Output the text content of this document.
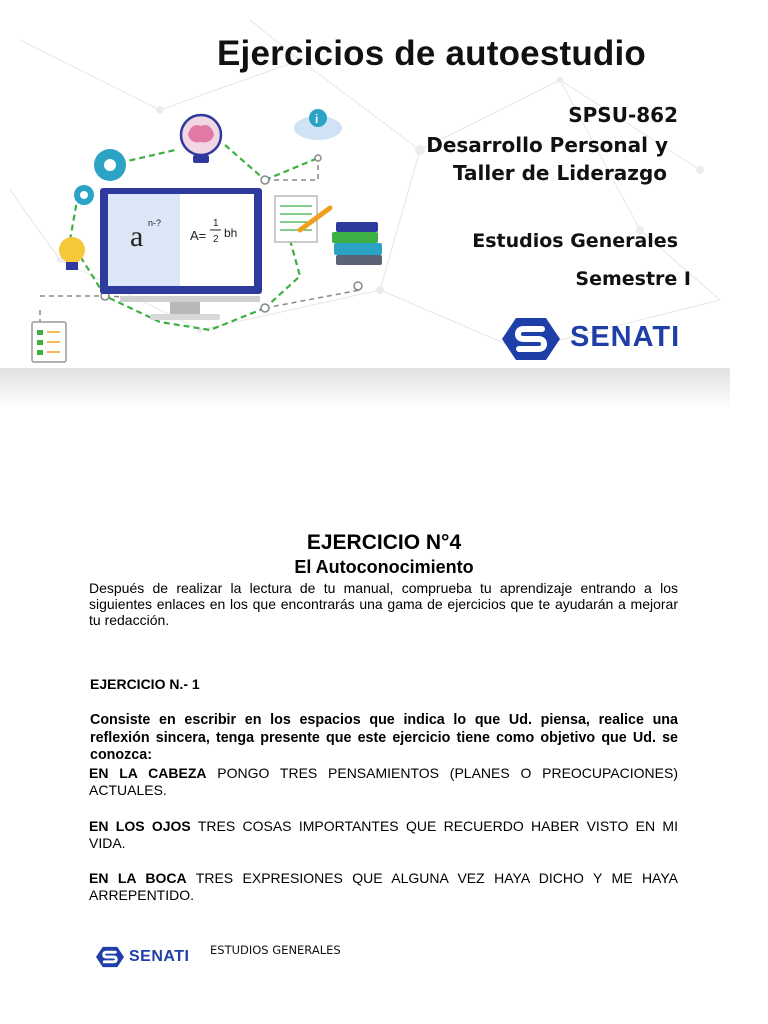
Ejercicios de autoestudio
SPSU-862
Desarrollo Personal y
Taller de Liderazgo
Estudios Generales
Semestre I
SENATI
a n-?
A=
1
2 bh
i
EJERCICIO N°4
El Autoconocimiento

Después de realizar la lectura de tu manual, comprueba tu aprendizaje entrando a los siguientes enlaces en los que encontrarás una gama de ejercicios que te ayudarán a mejorar tu redacción.

EJERCICIO N.- 1

Consiste en escribir en los espacios que indica lo que Ud. piensa, realice una reflexión sincera, tenga presente que este ejercicio tiene como objetivo que Ud. se conozca:

EN LA CABEZA PONGO TRES PENSAMIENTOS (PLANES O PREOCUPACIONES) ACTUALES.

EN LOS OJOS TRES COSAS IMPORTANTES QUE RECUERDO HABER VISTO EN MI VIDA.

EN LA BOCA TRES EXPRESIONES QUE ALGUNA VEZ HAYA DICHO Y ME HAYA ARREPENTIDO.

SENATI ESTUDIOS GENERALES
